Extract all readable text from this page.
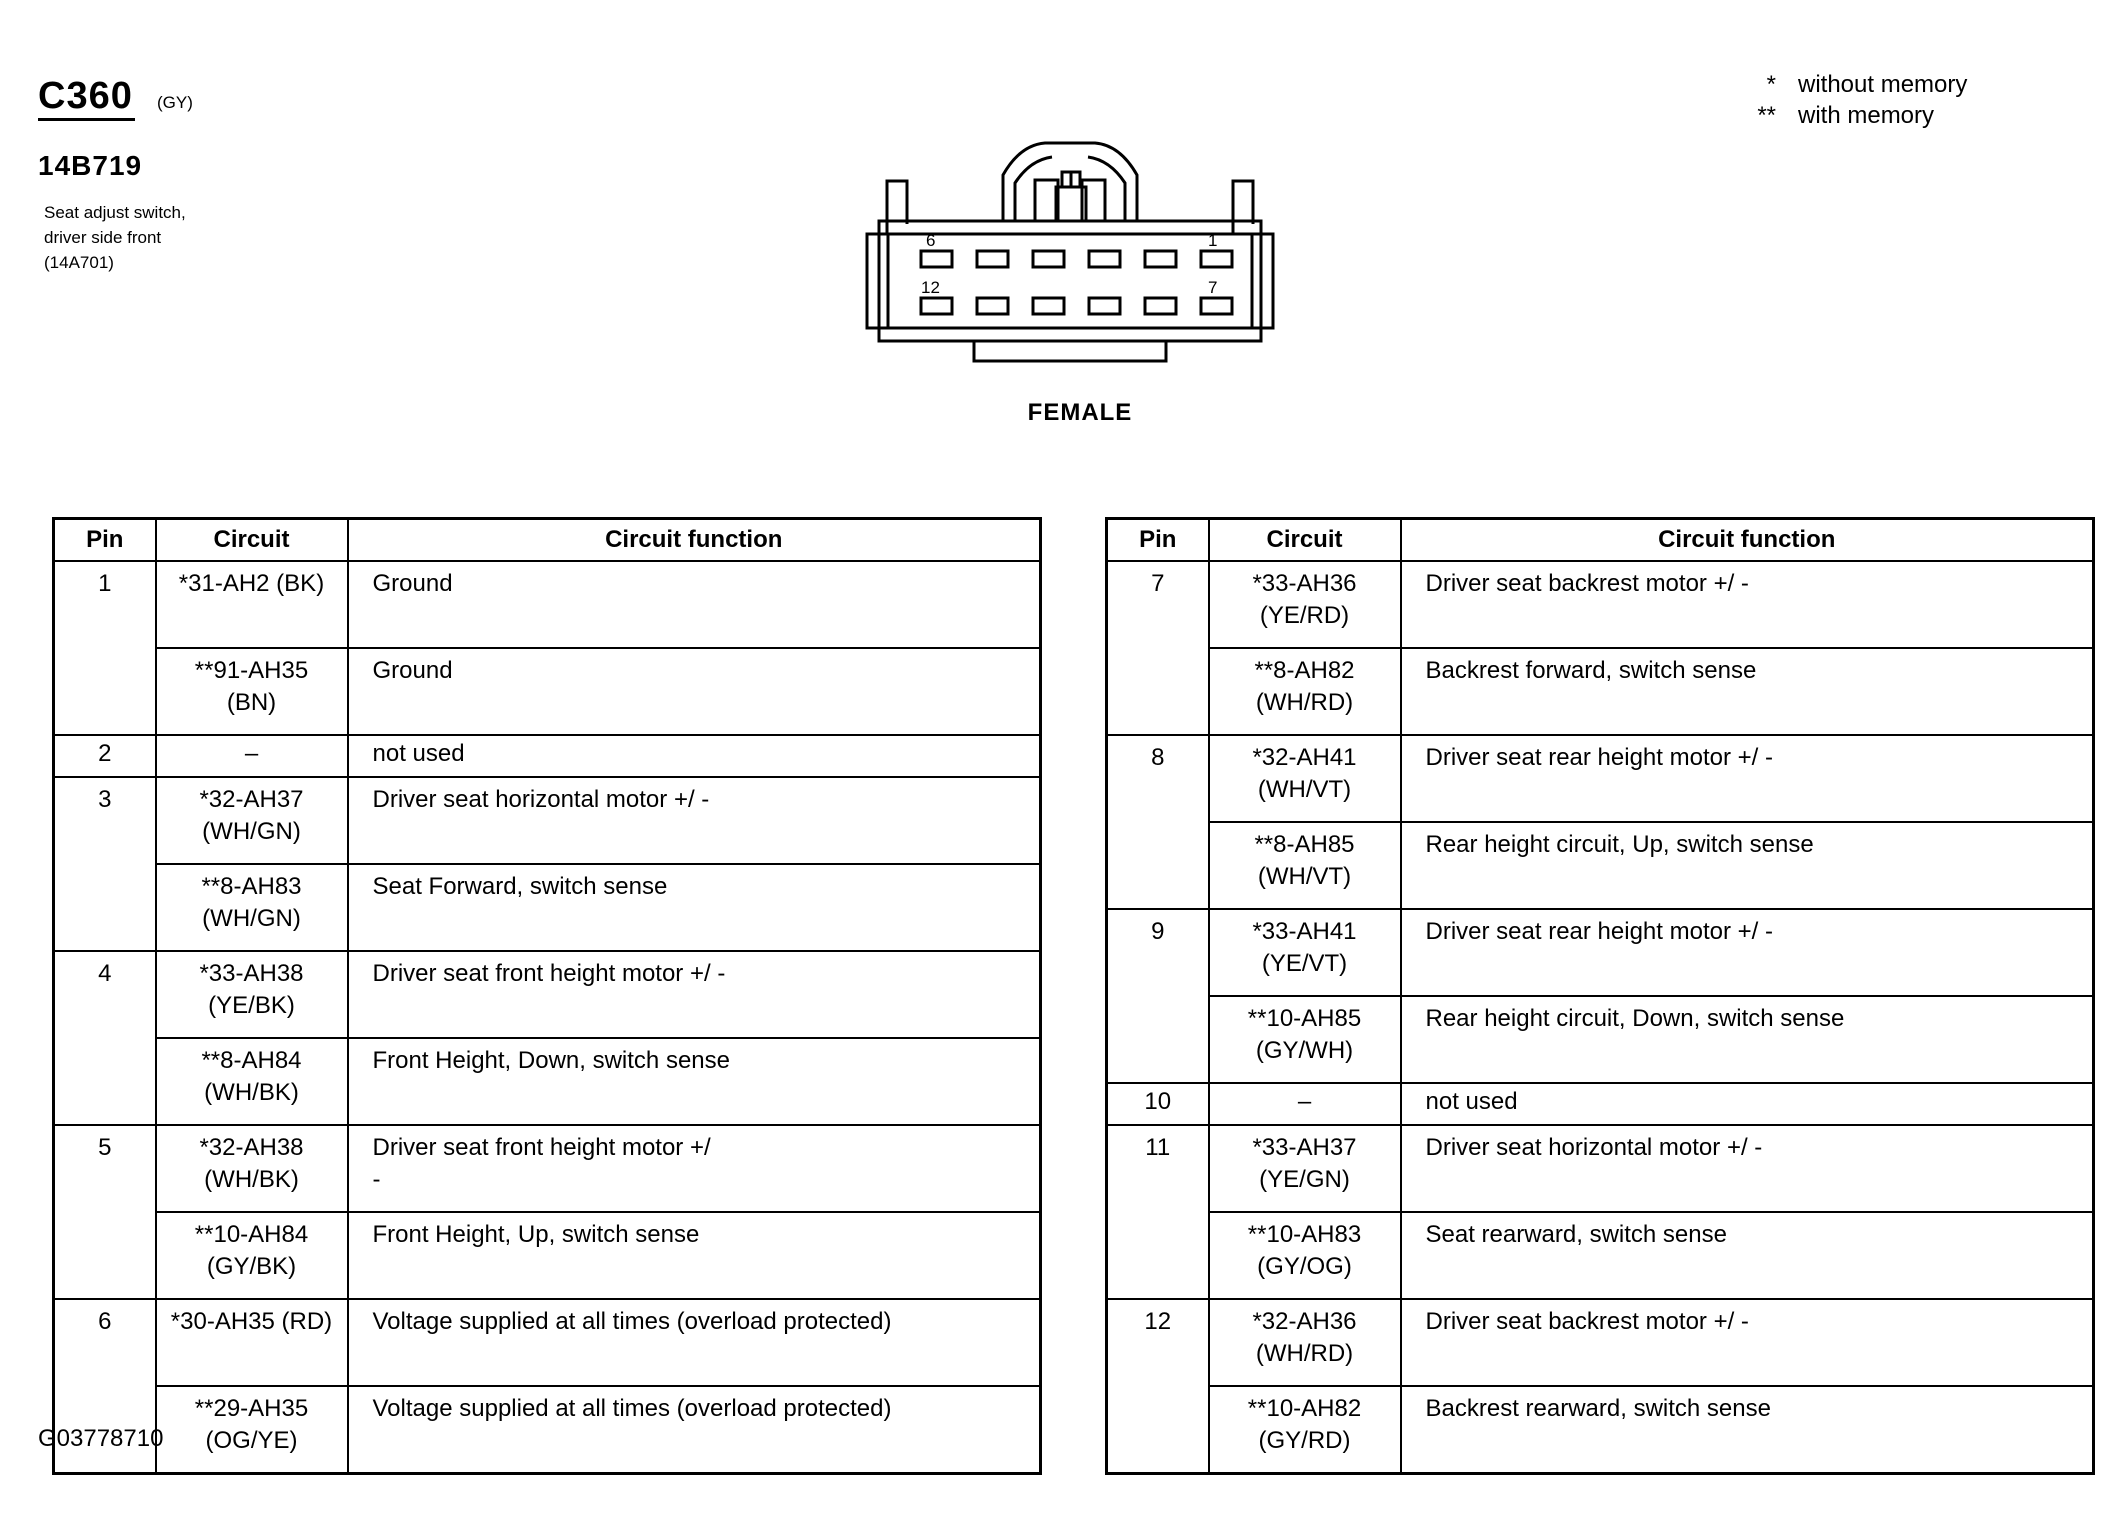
C360 (GY)
14B719
Seat adjust switch,
driver side front
(14A701)
* without memory
** with memory
6	1
12	7
FEMALE
Pin	Circuit	Circuit function
1	*31-AH2 (BK)	Ground
	**91-AH35
(BN)	Ground
2	–	not used
3	*32-AH37
(WH/GN)	Driver seat horizontal motor +/ -
	**8-AH83
(WH/GN)	Seat Forward, switch sense
4	*33-AH38
(YE/BK)	Driver seat front height motor +/ -
	**8-AH84
(WH/BK)	Front Height, Down, switch sense
5	*32-AH38
(WH/BK)	Driver seat front height motor +/
-
	**10-AH84
(GY/BK)	Front Height, Up, switch sense
6	*30-AH35 (RD)	Voltage supplied at all times (overload protected)
	**29-AH35
(OG/YE)	Voltage supplied at all times (overload protected)
Pin	Circuit	Circuit function
7	*33-AH36
(YE/RD)	Driver seat backrest motor +/ -
	**8-AH82
(WH/RD)	Backrest forward, switch sense
8	*32-AH41
(WH/VT)	Driver seat rear height motor +/ -
	**8-AH85
(WH/VT)	Rear height circuit, Up, switch sense
9	*33-AH41
(YE/VT)	Driver seat rear height motor +/ -
	**10-AH85
(GY/WH)	Rear height circuit, Down, switch sense
10	–	not used
11	*33-AH37
(YE/GN)	Driver seat horizontal motor +/ -
	**10-AH83
(GY/OG)	Seat rearward, switch sense
12	*32-AH36
(WH/RD)	Driver seat backrest motor +/ -
	**10-AH82
(GY/RD)	Backrest rearward, switch sense
G03778710
